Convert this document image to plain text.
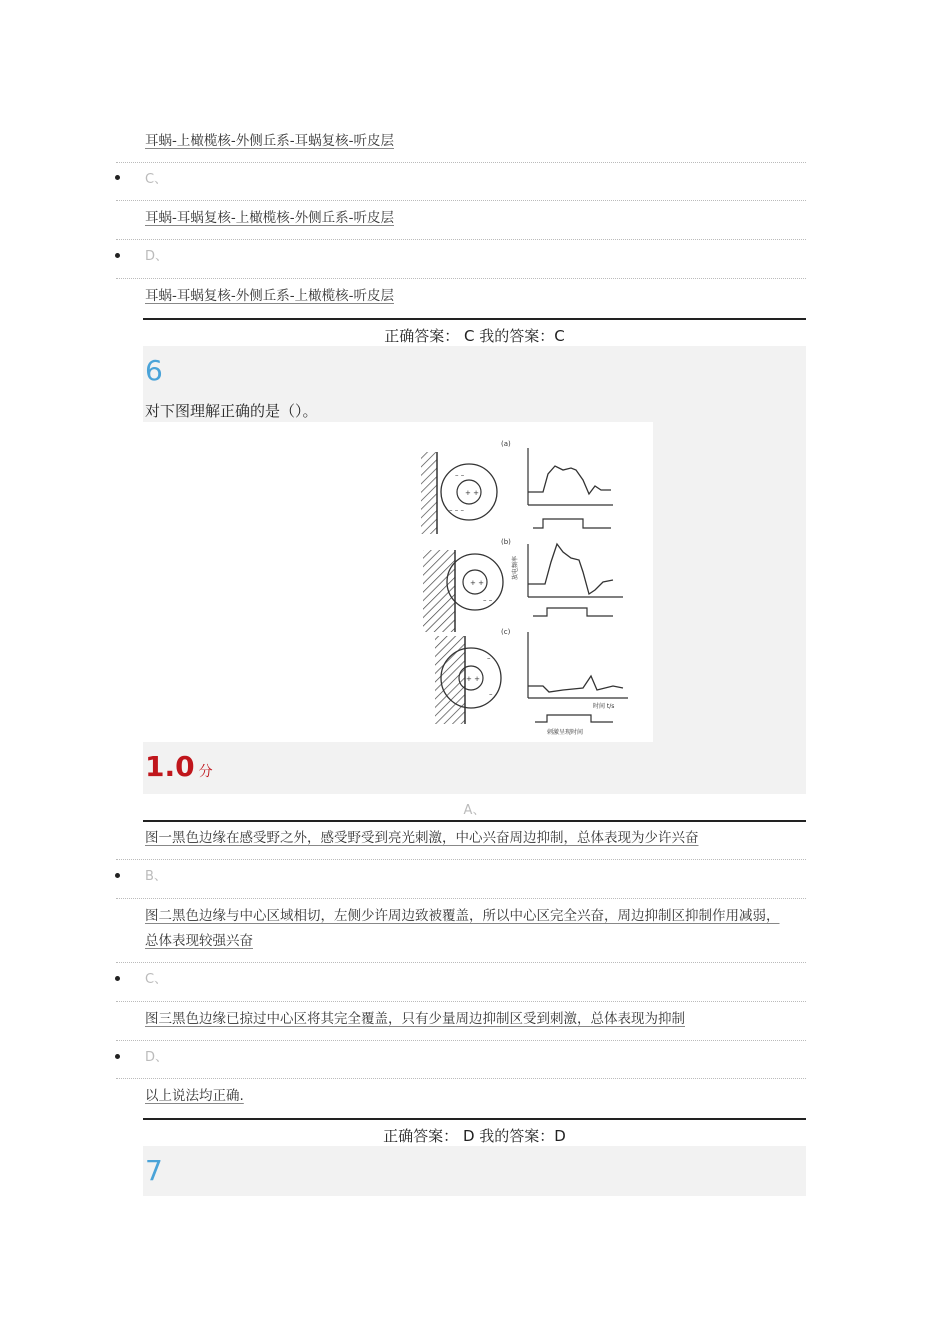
耳蜗-上橄榄核-外侧丘系-耳蜗复核-听皮层
C、
耳蜗-耳蜗复核-上橄榄核-外侧丘系-听皮层
D、
耳蜗-耳蜗复核-外侧丘系-上橄榄核-听皮层
正确答案： C 我的答案：C
6
对下图理解正确的是（）。
+ +
– –
– – –
(a)
+ +
– –
(b)
放电频率
+ +
–
–
(c)
时间 t/s
刺激呈现时间
1.0 分
A、
图一黑色边缘在感受野之外，感受野受到亮光刺激，中心兴奋周边抑制，总体表现为少许兴奋
B、
图二黑色边缘与中心区域相切，左侧少许周边致被覆盖，所以中心区完全兴奋，周边抑制区抑制作用减弱，
总体表现较强兴奋
C、
图三黑色边缘已掠过中心区将其完全覆盖，只有少量周边抑制区受到刺激，总体表现为抑制
D、
以上说法均正确.
正确答案： D 我的答案：D
7
